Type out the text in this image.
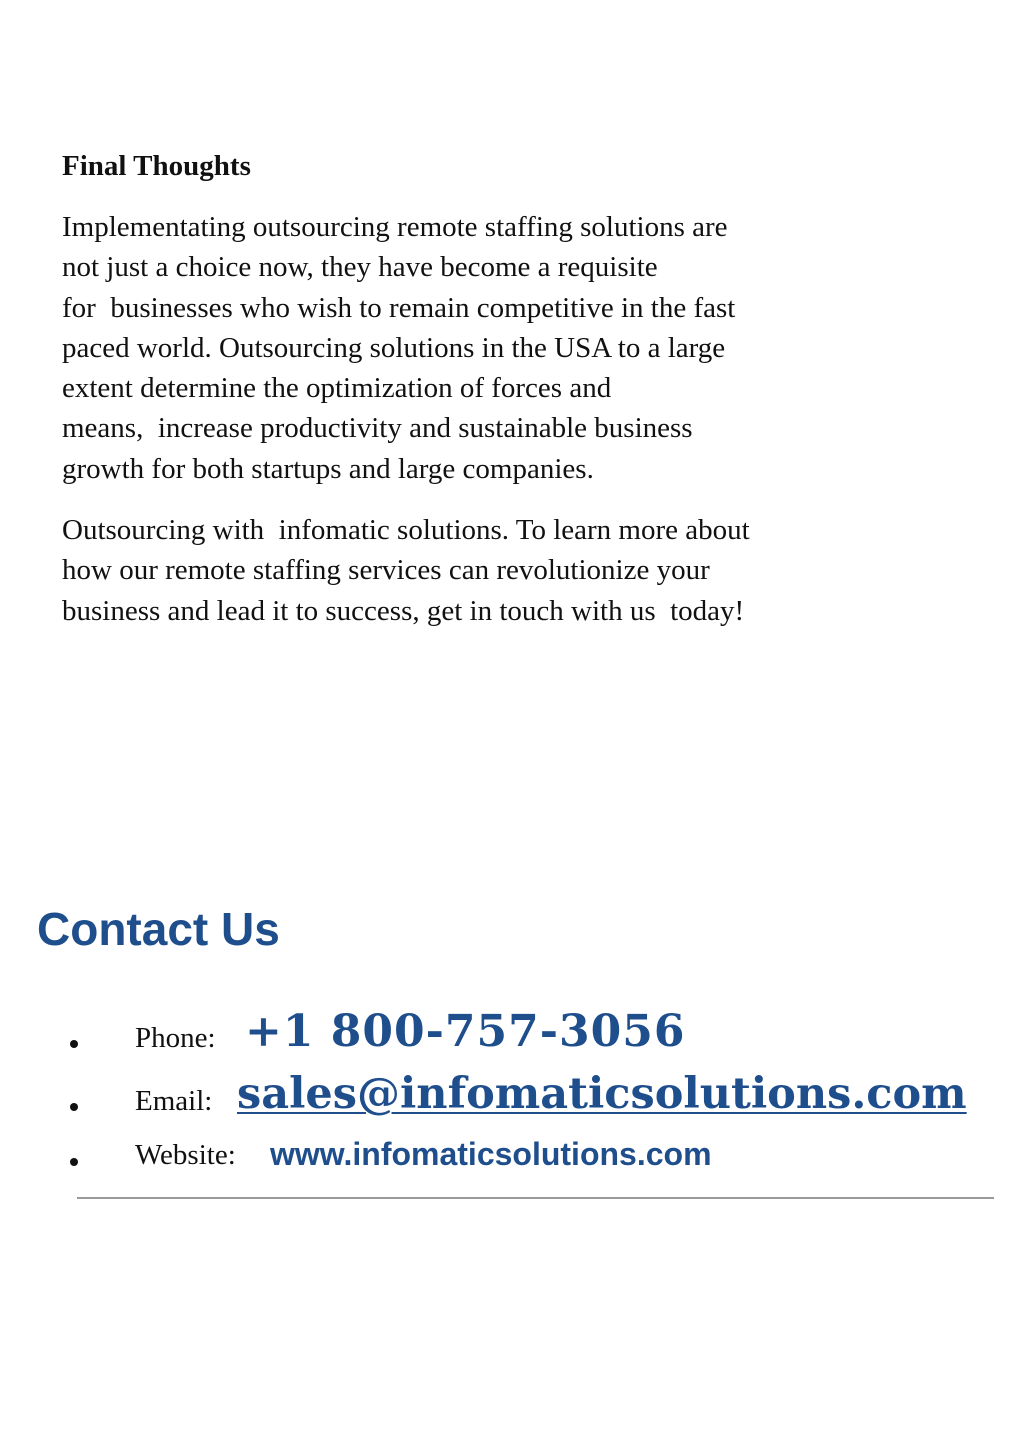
Final Thoughts

Implementating outsourcing remote staffing solutions are
not just a choice now, they have become a requisite
for  businesses who wish to remain competitive in the fast
paced world. Outsourcing solutions in the USA to a large
extent determine the optimization of forces and
means,  increase productivity and sustainable business
growth for both startups and large companies.

Outsourcing with  infomatic solutions. To learn more about
how our remote staffing services can revolutionize your
business and lead it to success, get in touch with us  today!

Contact Us
Phone: +1 800-757-3056
Email: sales@infomaticsolutions.com
Website: www.infomaticsolutions.com
